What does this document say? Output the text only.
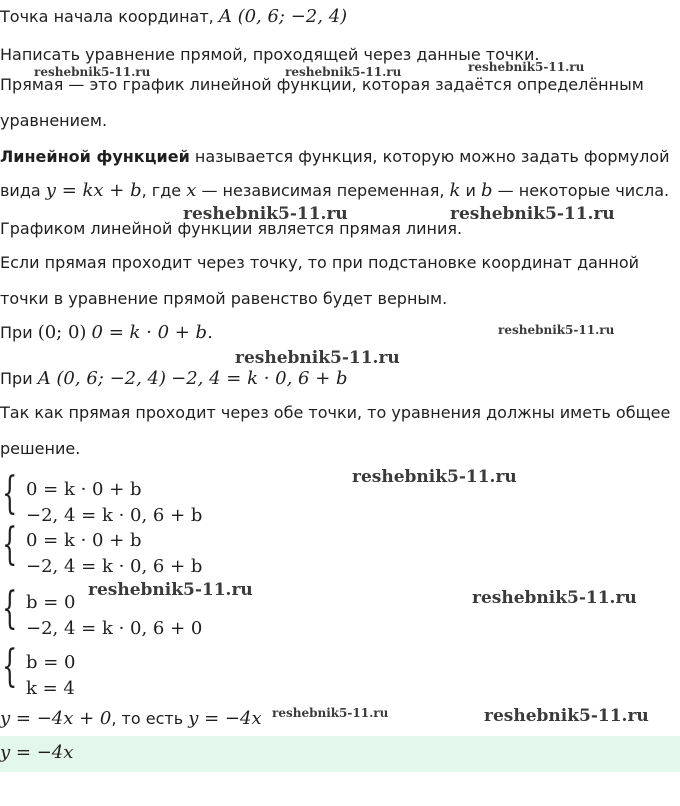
Точка начала координат, A (0, 6; −2, 4)
Написать уравнение прямой, проходящей через данные точки.
Прямая — это график линейной функции, которая задаётся определённым
уравнением.
Линейной функцией называется функция, которую можно задать формулой
вида y = kx + b, где x — независимая переменная, k и b — некоторые числа.
Графиком линейной функции является прямая линия.
Если прямая проходит через точку, то при подстановке координат данной
точки в уравнение прямой равенство будет верным.
При (0; 0) 0 = k · 0 + b.
При A (0, 6; −2, 4) −2, 4 = k · 0, 6 + b
Так как прямая проходит через обе точки, то уравнения должны иметь общее
решение.
{ 0 = k · 0 + b
−2, 4 = k · 0, 6 + b
{ 0 = k · 0 + b
−2, 4 = k · 0, 6 + b
{ b = 0
−2, 4 = k · 0, 6 + 0
{ b = 0
k = 4
y = −4x + 0, то есть y = −4x
y = −4x
reshebnik5-11.ru	reshebnik5-11.ru	reshebnik5-11.ru
reshebnik5-11.ru	reshebnik5-11.ru
reshebnik5-11.ru
reshebnik5-11.ru
reshebnik5-11.ru
reshebnik5-11.ru	reshebnik5-11.ru
reshebnik5-11.ru	reshebnik5-11.ru
